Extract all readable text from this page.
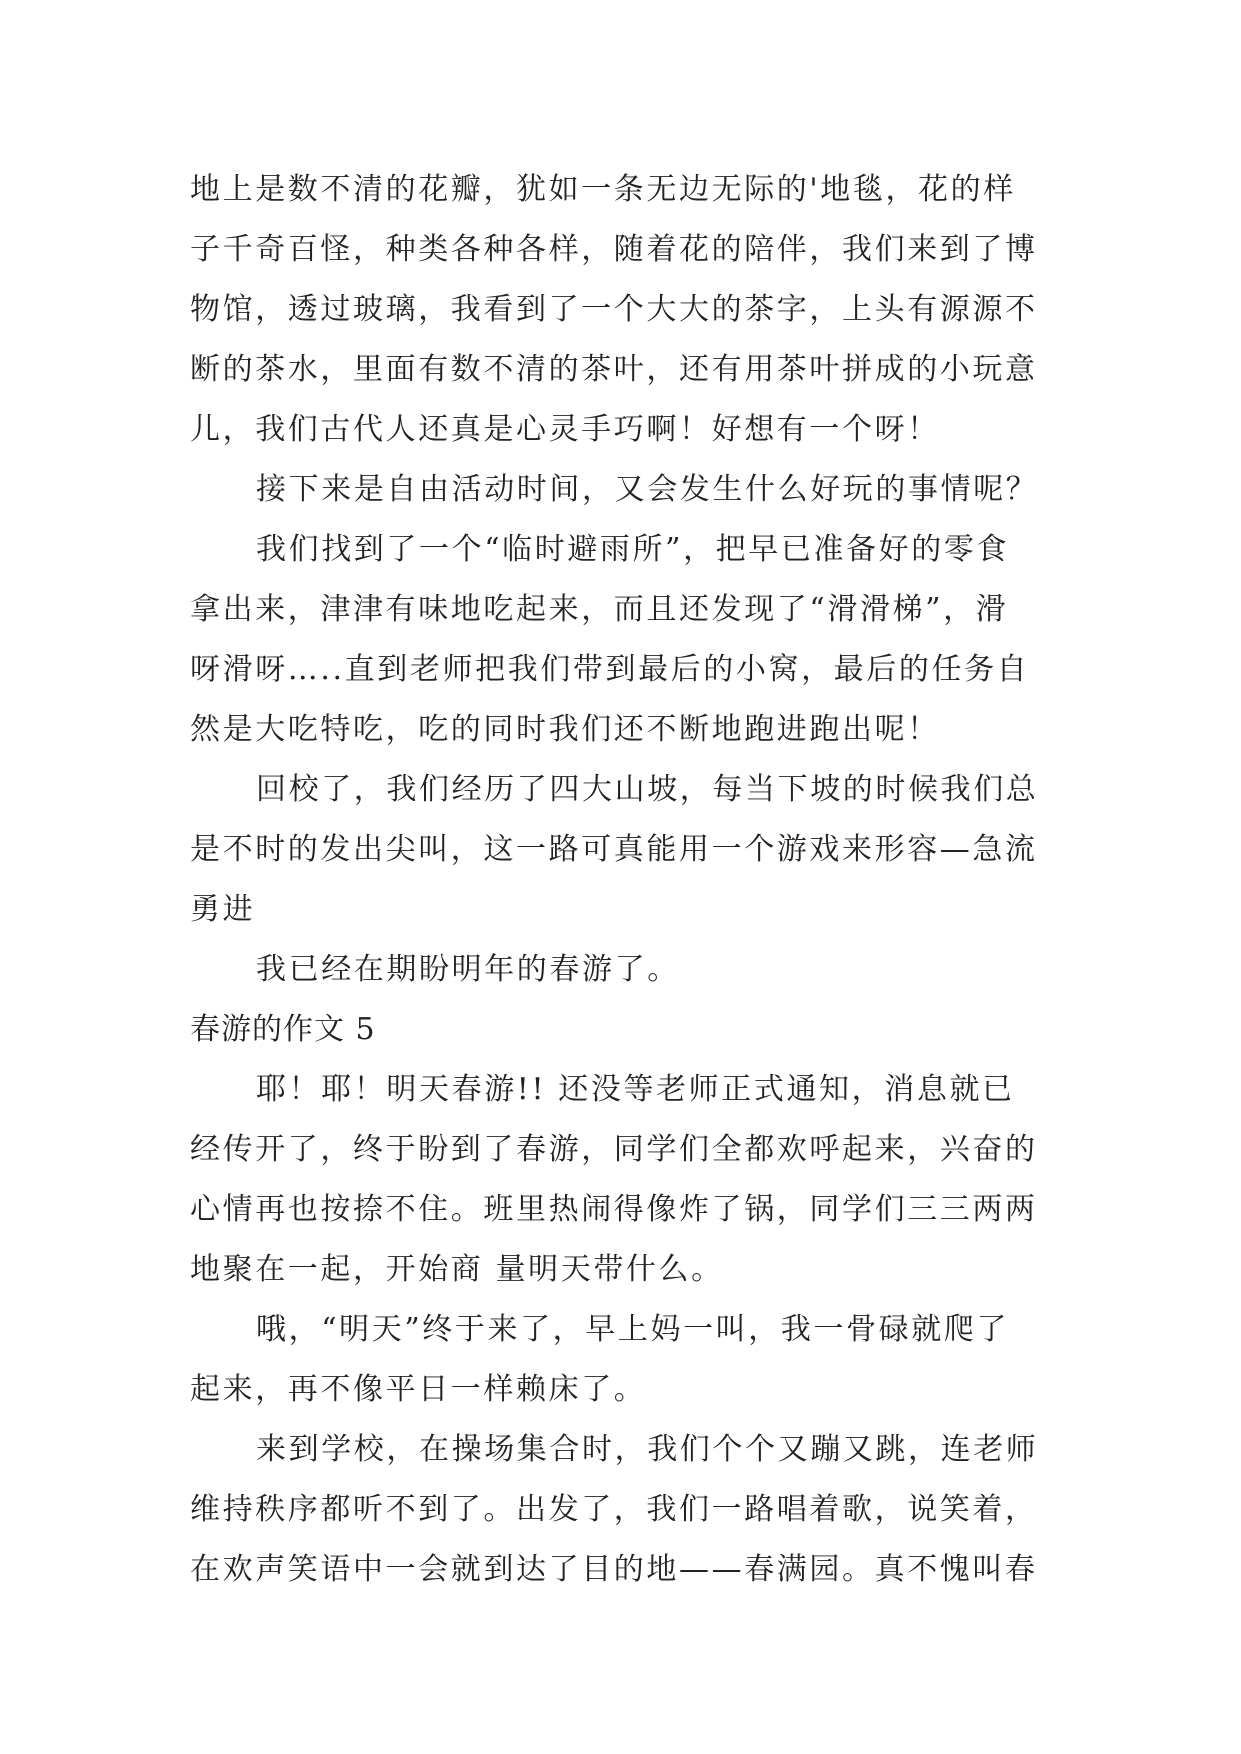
地上是数不清的花瓣，犹如一条无边无际的'地毯，花的样
子千奇百怪，种类各种各样，随着花的陪伴，我们来到了博
物馆，透过玻璃，我看到了一个大大的茶字，上头有源源不
断的茶水，里面有数不清的茶叶，还有用茶叶拼成的小玩意
儿，我们古代人还真是心灵手巧啊！好想有一个呀！
接下来是自由活动时间，又会发生什么好玩的事情呢？
我们找到了一个“临时避雨所”，把早已准备好的零食
拿出来，津津有味地吃起来，而且还发现了“滑滑梯”，滑
呀滑呀…..直到老师把我们带到最后的小窝，最后的任务自
然是大吃特吃，吃的同时我们还不断地跑进跑出呢！
回校了，我们经历了四大山坡，每当下坡的时候我们总
是不时的发出尖叫，这一路可真能用一个游戏来形容—急流
勇进
我已经在期盼明年的春游了。
春游的作文 5
耶！耶！明天春游!! 还没等老师正式通知，消息就已
经传开了，终于盼到了春游，同学们全都欢呼起来，兴奋的
心情再也按捺不住。班里热闹得像炸了锅，同学们三三两两
地聚在一起，开始商 量明天带什么。
哦，“明天”终于来了，早上妈一叫，我一骨碌就爬了
起来，再不像平日一样赖床了。
来到学校，在操场集合时，我们个个又蹦又跳，连老师
维持秩序都听不到了。出发了，我们一路唱着歌，说笑着，
在欢声笑语中一会就到达了目的地——春满园。真不愧叫春
